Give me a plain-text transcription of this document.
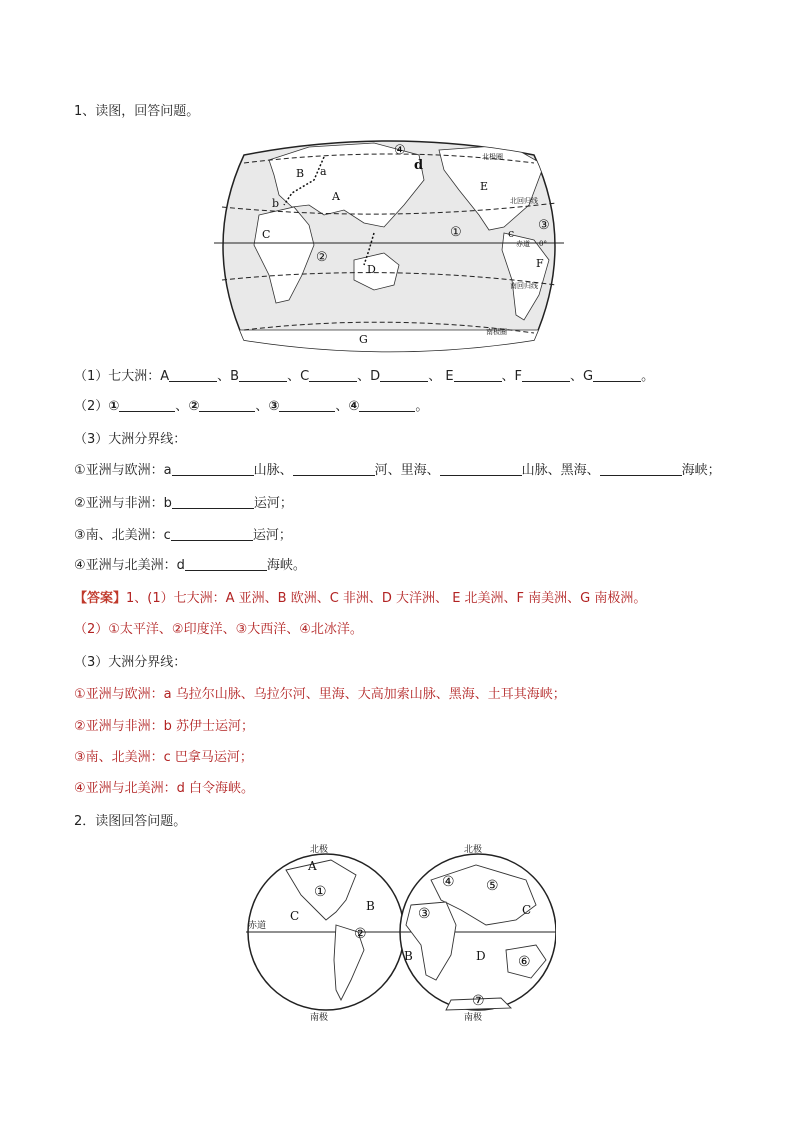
1、读图，回答问题。
A
B
C
D
E
F
G
a
b
c
d
①
②
③
④	北极圈
北回归线
赤道 0°
南回归线
南极圈
（1）七大洲：A	、B	、C	、D	、 E	、F	、G	。
（2）①	、②	、③	、④	。
（3）大洲分界线：
①亚洲与欧洲：a	山脉、	河、里海、	山脉、黑海、	海峡；
②亚洲与非洲：b	运河；
③南、北美洲：c	运河；
④亚洲与北美洲：d	海峡。
【答案】1、(1）七大洲：A 亚洲、B 欧洲、C 非洲、D 大洋洲、 E 北美洲、F 南美洲、G 南极洲。
（2）①太平洋、②印度洋、③大西洋、④北冰洋。
（3）大洲分界线：
①亚洲与欧洲：a 乌拉尔山脉、乌拉尔河、里海、大高加索山脉、黑海、土耳其海峡；
②亚洲与非洲：b 苏伊士运河；
③南、北美洲：c 巴拿马运河；
④亚洲与北美洲：d 白令海峡。
2．读图回答问题。
北极	北极
南极	南极
赤道
A
B
C
B
C
D
①
②
③
④ ⑤
⑥
⑦
